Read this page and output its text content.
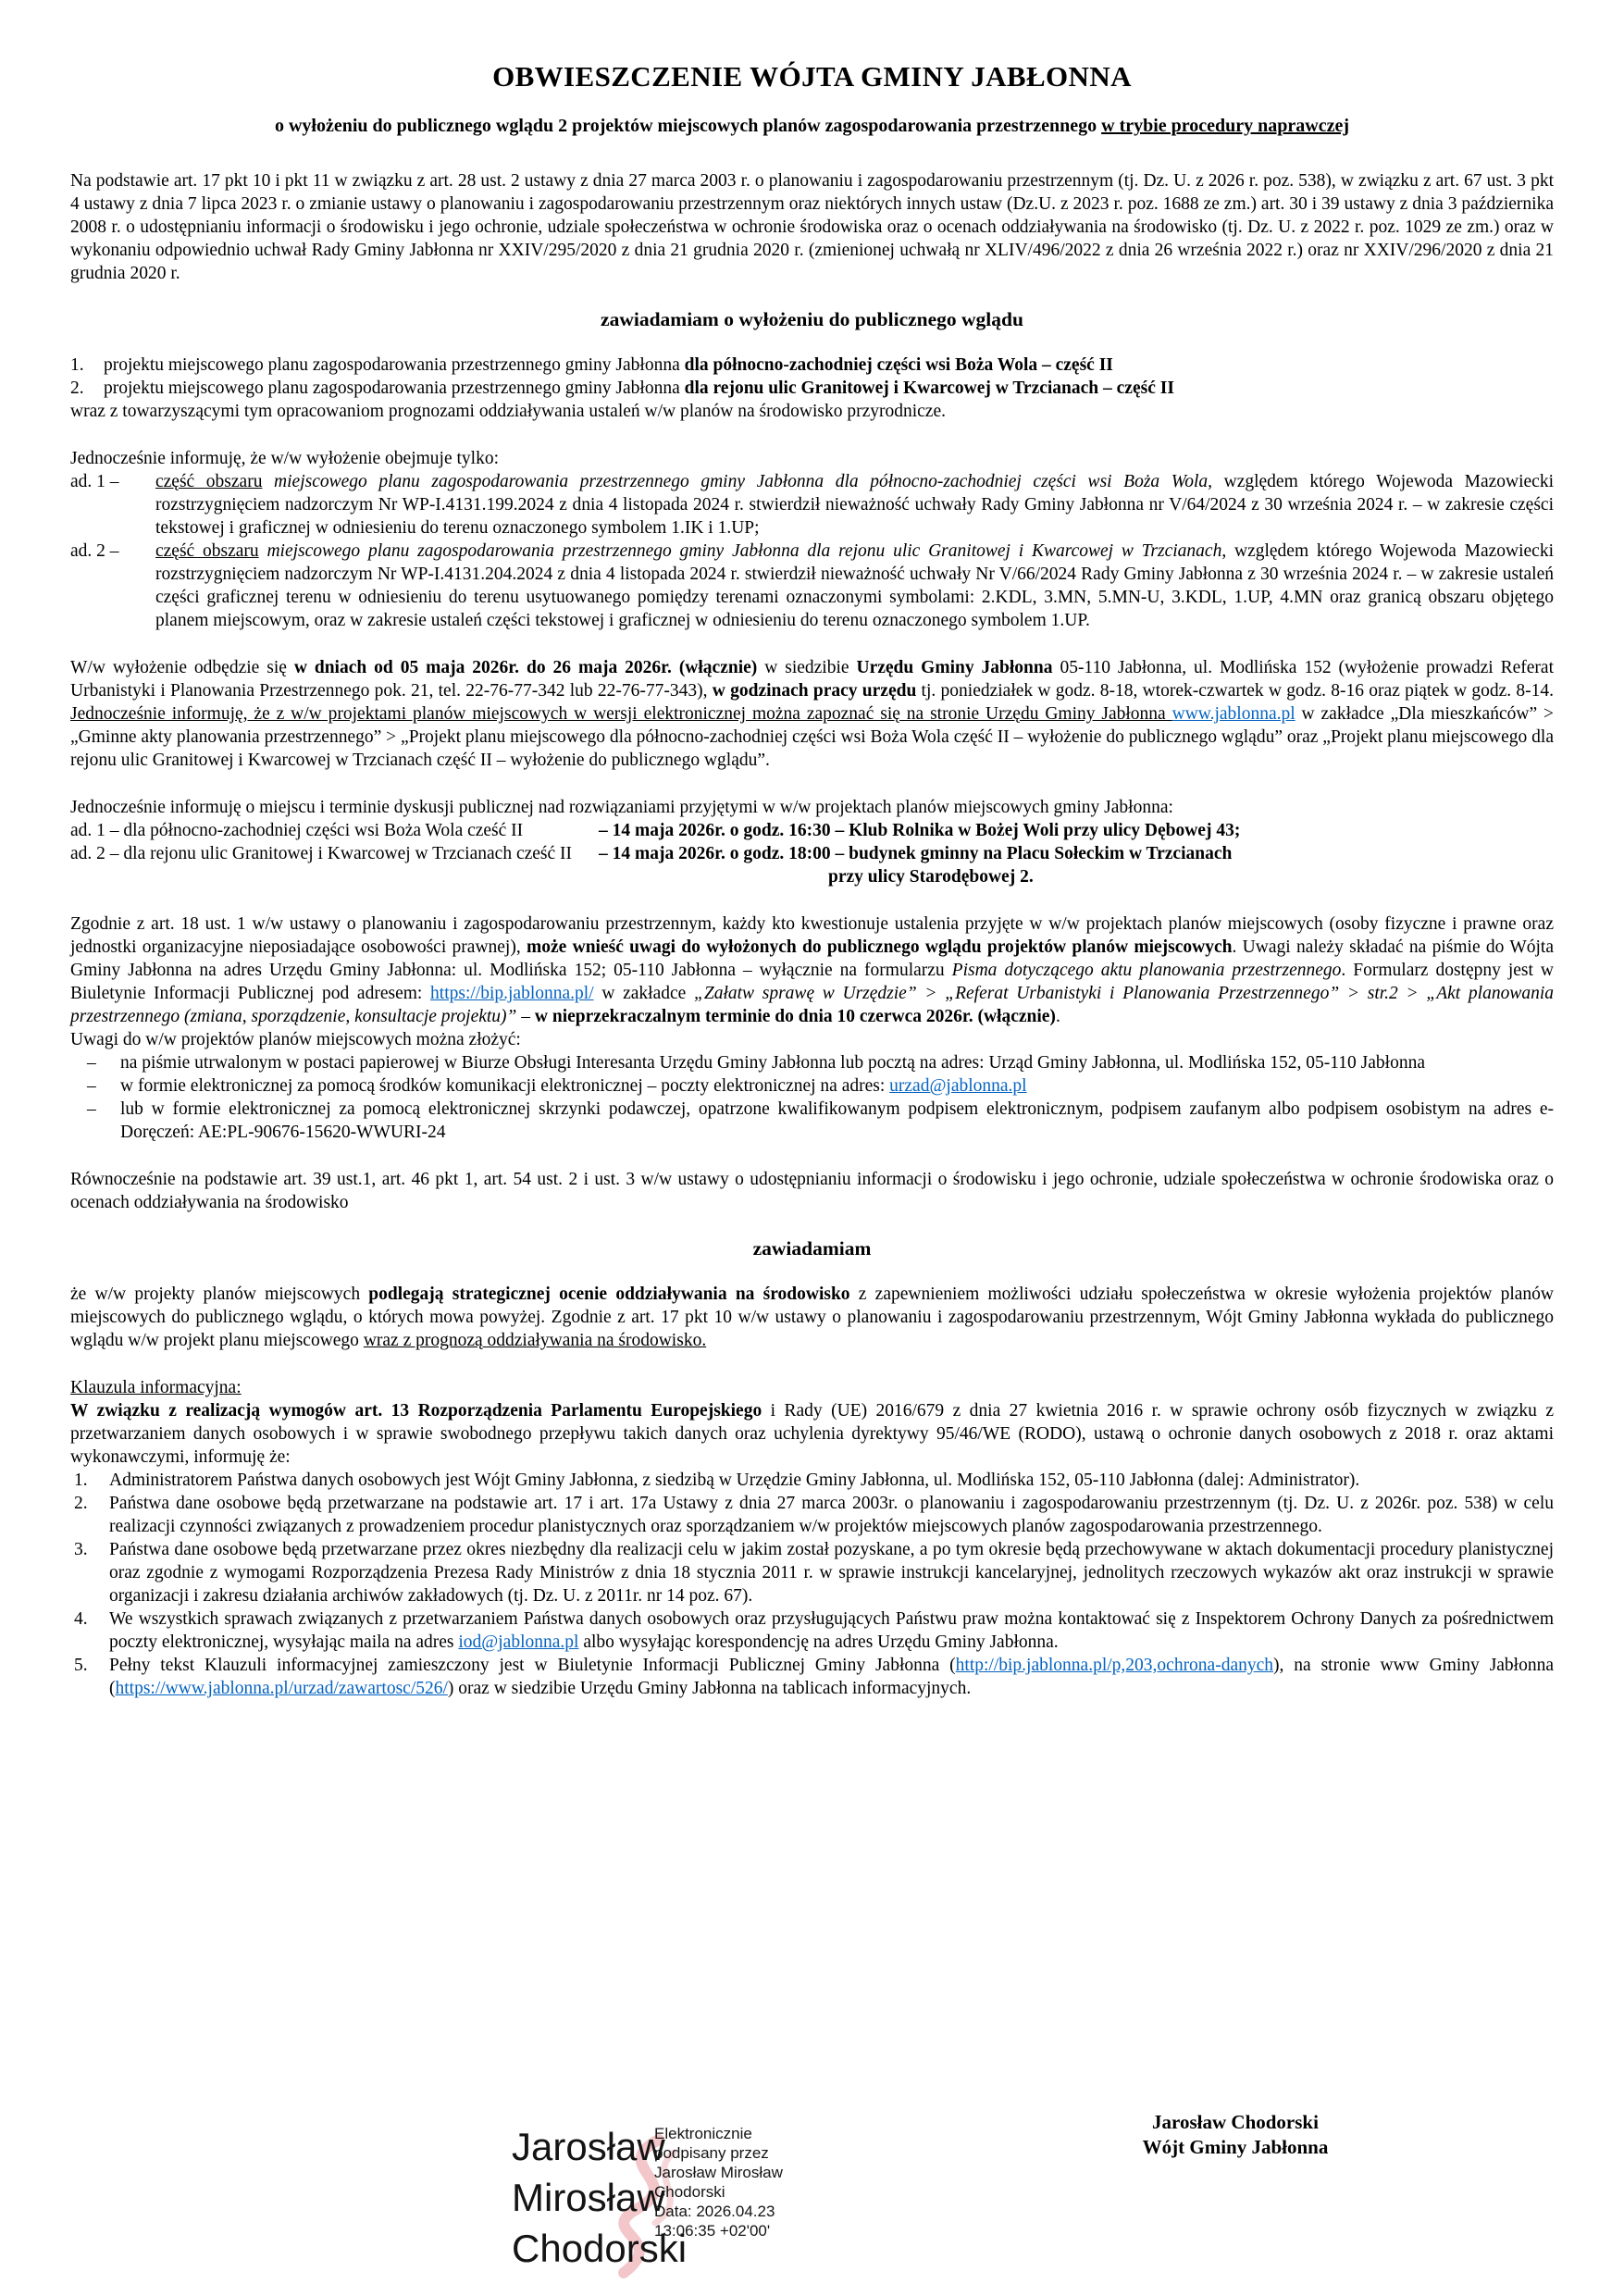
OBWIESZCZENIE WÓJTA GMINY JABŁONNA

o wyłożeniu do publicznego wglądu 2 projektów miejscowych planów zagospodarowania przestrzennego w trybie procedury naprawczej

Na podstawie art. 17 pkt 10 i pkt 11 w związku z art. 28 ust. 2 ustawy z dnia 27 marca 2003 r. o planowaniu i zagospodarowaniu przestrzennym (tj. Dz. U. z 2026 r. poz. 538), w związku z art. 67 ust. 3 pkt 4 ustawy z dnia 7 lipca 2023 r. o zmianie ustawy o planowaniu i zagospodarowaniu przestrzennym oraz niektórych innych ustaw (Dz.U. z 2023 r. poz. 1688 ze zm.) art. 30 i 39 ustawy z dnia 3 października 2008 r. o udostępnianiu informacji o środowisku i jego ochronie, udziale społeczeństwa w ochronie środowiska oraz o ocenach oddziaływania na środowisko (tj. Dz. U. z 2022 r. poz. 1029 ze zm.) oraz w wykonaniu odpowiednio uchwał Rady Gminy Jabłonna nr XXIV/295/2020 z dnia 21 grudnia 2020 r. (zmienionej uchwałą nr XLIV/496/2022 z dnia 26 września 2022 r.) oraz nr XXIV/296/2020 z dnia 21 grudnia 2020 r.

zawiadamiam o wyłożeniu do publicznego wglądu
1.	projektu miejscowego planu zagospodarowania przestrzennego gminy Jabłonna dla północno-zachodniej części wsi Boża Wola – część II
2.	projektu miejscowego planu zagospodarowania przestrzennego gminy Jabłonna dla rejonu ulic Granitowej i Kwarcowej w Trzcianach – część II

wraz z towarzyszącymi tym opracowaniom prognozami oddziaływania ustaleń w/w planów na środowisko przyrodnicze.

Jednocześnie informuję, że w/w wyłożenie obejmuje tylko:

ad. 1 –	część obszaru miejscowego planu zagospodarowania przestrzennego gminy Jabłonna dla północno-zachodniej części wsi Boża Wola, względem którego Wojewoda Mazowiecki rozstrzygnięciem nadzorczym Nr WP-I.4131.199.2024 z dnia 4 listopada 2024 r. stwierdził nieważność uchwały Rady Gminy Jabłonna nr V/64/2024 z 30 września 2024 r. – w zakresie części tekstowej i graficznej w odniesieniu do terenu oznaczonego symbolem 1.IK i 1.UP;
ad. 2 –	część obszaru miejscowego planu zagospodarowania przestrzennego gminy Jabłonna dla rejonu ulic Granitowej i Kwarcowej w Trzcianach, względem którego Wojewoda Mazowiecki rozstrzygnięciem nadzorczym Nr WP-I.4131.204.2024 z dnia 4 listopada 2024 r. stwierdził nieważność uchwały Nr V/66/2024 Rady Gminy Jabłonna z 30 września 2024 r. – w zakresie ustaleń części graficznej terenu w odniesieniu do terenu usytuowanego pomiędzy terenami oznaczonymi symbolami: 2.KDL, 3.MN, 5.MN-U, 3.KDL, 1.UP, 4.MN oraz granicą obszaru objętego planem miejscowym, oraz w zakresie ustaleń części tekstowej i graficznej w odniesieniu do terenu oznaczonego symbolem 1.UP.

W/w wyłożenie odbędzie się w dniach od 05 maja 2026r. do 26 maja 2026r. (włącznie) w siedzibie Urzędu Gminy Jabłonna 05-110 Jabłonna, ul. Modlińska 152 (wyłożenie prowadzi Referat Urbanistyki i Planowania Przestrzennego pok. 21, tel. 22-76-77-342 lub 22-76-77-343), w godzinach pracy urzędu tj. poniedziałek w godz. 8-18, wtorek-czwartek w godz. 8-16 oraz piątek w godz. 8-14. Jednocześnie informuję, że z w/w projektami planów miejscowych w wersji elektronicznej można zapoznać się na stronie Urzędu Gminy Jabłonna www.jablonna.pl w zakładce „Dla mieszkańców” > „Gminne akty planowania przestrzennego” > „Projekt planu miejscowego dla północno-zachodniej części wsi Boża Wola część II – wyłożenie do publicznego wglądu” oraz „Projekt planu miejscowego dla rejonu ulic Granitowej i Kwarcowej w Trzcianach część II – wyłożenie do publicznego wglądu”.

Jednocześnie informuję o miejscu i terminie dyskusji publicznej nad rozwiązaniami przyjętymi w w/w projektach planów miejscowych gminy Jabłonna:

ad. 1 – dla północno-zachodniej części wsi Boża Wola cześć II	– 14 maja 2026r. o godz. 16:30 – Klub Rolnika w Bożej Woli przy ulicy Dębowej 43;
ad. 2 – dla rejonu ulic Granitowej i Kwarcowej w Trzcianach cześć II	– 14 maja 2026r. o godz. 18:00 – budynek gminny na Placu Sołeckim w Trzcianach
przy ulicy Starodębowej 2.

Zgodnie z art. 18 ust. 1 w/w ustawy o planowaniu i zagospodarowaniu przestrzennym, każdy kto kwestionuje ustalenia przyjęte w w/w projektach planów miejscowych (osoby fizyczne i prawne oraz jednostki organizacyjne nieposiadające osobowości prawnej), może wnieść uwagi do wyłożonych do publicznego wglądu projektów planów miejscowych. Uwagi należy składać na piśmie do Wójta Gminy Jabłonna na adres Urzędu Gminy Jabłonna: ul. Modlińska 152; 05-110 Jabłonna – wyłącznie na formularzu Pisma dotyczącego aktu planowania przestrzennego. Formularz dostępny jest w Biuletynie Informacji Publicznej pod adresem: https://bip.jablonna.pl/ w zakładce „Załatw sprawę w Urzędzie” > „Referat Urbanistyki i Planowania Przestrzennego” > str.2 > „Akt planowania przestrzennego (zmiana, sporządzenie, konsultacje projektu)” – w nieprzekraczalnym terminie do dnia 10 czerwca 2026r. (włącznie).

Uwagi do w/w projektów planów miejscowych można złożyć:

–	na piśmie utrwalonym w postaci papierowej w Biurze Obsługi Interesanta Urzędu Gminy Jabłonna lub pocztą na adres: Urząd Gminy Jabłonna, ul. Modlińska 152, 05-110 Jabłonna
–	w formie elektronicznej za pomocą środków komunikacji elektronicznej – poczty elektronicznej na adres: urzad@jablonna.pl
–	lub w formie elektronicznej za pomocą elektronicznej skrzynki podawczej, opatrzone kwalifikowanym podpisem elektronicznym, podpisem zaufanym albo podpisem osobistym na adres e-Doręczeń: AE:PL-90676-15620-WWURI-24

Równocześnie na podstawie art. 39 ust.1, art. 46 pkt 1, art. 54 ust. 2 i ust. 3 w/w ustawy o udostępnianiu informacji o środowisku i jego ochronie, udziale społeczeństwa w ochronie środowiska oraz o ocenach oddziaływania na środowisko

zawiadamiam

że w/w projekty planów miejscowych podlegają strategicznej ocenie oddziaływania na środowisko z zapewnieniem możliwości udziału społeczeństwa w okresie wyłożenia projektów planów miejscowych do publicznego wglądu, o których mowa powyżej. Zgodnie z art. 17 pkt 10 w/w ustawy o planowaniu i zagospodarowaniu przestrzennym, Wójt Gminy Jabłonna wykłada do publicznego wglądu w/w projekt planu miejscowego wraz z prognozą oddziaływania na środowisko.

Klauzula informacyjna:

W związku z realizacją wymogów art. 13 Rozporządzenia Parlamentu Europejskiego i Rady (UE) 2016/679 z dnia 27 kwietnia 2016 r. w sprawie ochrony osób fizycznych w związku z przetwarzaniem danych osobowych i w sprawie swobodnego przepływu takich danych oraz uchylenia dyrektywy 95/46/WE (RODO), ustawą o ochronie danych osobowych z 2018 r. oraz aktami wykonawczymi, informuję że:

1.	Administratorem Państwa danych osobowych jest Wójt Gminy Jabłonna, z siedzibą w Urzędzie Gminy Jabłonna, ul. Modlińska 152, 05-110 Jabłonna (dalej: Administrator).
2.	Państwa dane osobowe będą przetwarzane na podstawie art. 17 i art. 17a Ustawy z dnia 27 marca 2003r. o planowaniu i zagospodarowaniu przestrzennym (tj. Dz. U. z 2026r. poz. 538) w celu realizacji czynności związanych z prowadzeniem procedur planistycznych oraz sporządzaniem w/w projektów miejscowych planów zagospodarowania przestrzennego.
3.	Państwa dane osobowe będą przetwarzane przez okres niezbędny dla realizacji celu w jakim został pozyskane, a po tym okresie będą przechowywane w aktach dokumentacji procedury planistycznej oraz zgodnie z wymogami Rozporządzenia Prezesa Rady Ministrów z dnia 18 stycznia 2011 r. w sprawie instrukcji kancelaryjnej, jednolitych rzeczowych wykazów akt oraz instrukcji w sprawie organizacji i zakresu działania archiwów zakładowych (tj. Dz. U. z 2011r. nr 14 poz. 67).
4.	We wszystkich sprawach związanych z przetwarzaniem Państwa danych osobowych oraz przysługujących Państwu praw można kontaktować się z Inspektorem Ochrony Danych za pośrednictwem poczty elektronicznej, wysyłając maila na adres iod@jablonna.pl albo wysyłając korespondencję na adres Urzędu Gminy Jabłonna.
5.	Pełny tekst Klauzuli informacyjnej zamieszczony jest w Biuletynie Informacji Publicznej Gminy Jabłonna (http://bip.jablonna.pl/p,203,ochrona-danych), na stronie www Gminy Jabłonna (https://www.jablonna.pl/urzad/zawartosc/526/) oraz w siedzibie Urzędu Gminy Jabłonna na tablicach informacyjnych.
Jarosław
Mirosław
Chodorski
Elektronicznie
podpisany przez
Jarosław Mirosław
Chodorski
Data: 2026.04.23
13:06:35 +02'00'
Jarosław Chodorski
Wójt Gminy Jabłonna
